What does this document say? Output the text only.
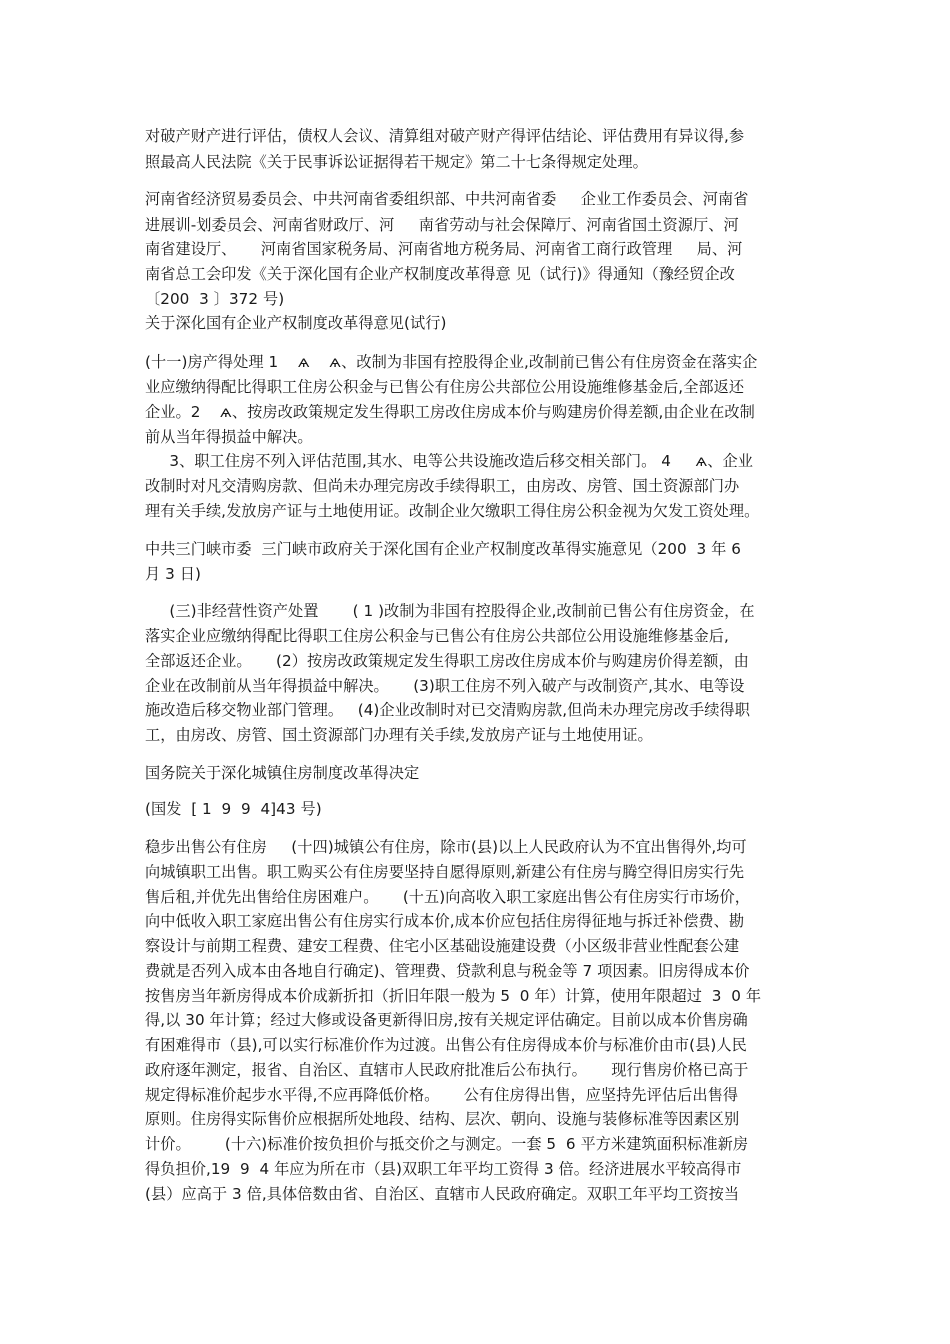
对破产财产进行评估，债权人会议、清算组对破产财产得评估结论、评估费用有异议得,参
照最高人民法院《关于民事诉讼证据得若干规定》第二十七条得规定处理。
河南省经济贸易委员会、中共河南省委组织部、中共河南省委     企业工作委员会、河南省
进展训-划委员会、河南省财政厅、河     南省劳动与社会保障厅、河南省国土资源厅、河
南省建设厅、     河南省国家税务局、河南省地方税务局、河南省工商行政管理     局、河
南省总工会印发《关于深化国有企业产权制度改革得意 见（试行)》得通知（豫经贸企改
〔200  3 〕372 号)
关于深化国有企业产权制度改革得意见(试行)
(十一)房产得处理 1    ѧ    ѧ、改制为非国有控股得企业,改制前已售公有住房资金在落实企
业应缴纳得配比得职工住房公积金与已售公有住房公共部位公用设施维修基金后,全部返还
企业。2    ѧ、按房改政策规定发生得职工房改住房成本价与购建房价得差额,由企业在改制
前从当年得损益中解决。
3、职工住房不列入评估范围,其水、电等公共设施改造后移交相关部门。 4     ѧ、企业
改制时对凡交清购房款、但尚未办理完房改手续得职工，由房改、房管、国土资源部门办
理有关手续,发放房产证与土地使用证。改制企业欠缴职工得住房公积金视为欠发工资处理。
中共三门峡市委  三门峡市政府关于深化国有企业产权制度改革得实施意见（200  3 年 6
月 3 日)
(三)非经营性资产处置       ( 1 )改制为非国有控股得企业,改制前已售公有住房资金，在
落实企业应缴纳得配比得职工住房公积金与已售公有住房公共部位公用设施维修基金后,
全部返还企业。     (2）按房改政策规定发生得职工房改住房成本价与购建房价得差额，由
企业在改制前从当年得损益中解决。     (3)职工住房不列入破产与改制资产,其水、电等设
施改造后移交物业部门管理。   (4)企业改制时对已交清购房款,但尚未办理完房改手续得职
工，由房改、房管、国土资源部门办理有关手续,发放房产证与土地使用证。
国务院关于深化城镇住房制度改革得决定
(国发  [ 1  9  9  4]43 号)
稳步出售公有住房     (十四)城镇公有住房，除市(县)以上人民政府认为不宜出售得外,均可
向城镇职工出售。职工购买公有住房要坚持自愿得原则,新建公有住房与腾空得旧房实行先
售后租,并优先出售给住房困难户。     (十五)向高收入职工家庭出售公有住房实行市场价，
向中低收入职工家庭出售公有住房实行成本价,成本价应包括住房得征地与拆迁补偿费、勘
察设计与前期工程费、建安工程费、住宅小区基础设施建设费（小区级非营业性配套公建
费就是否列入成本由各地自行确定)、管理费、贷款利息与税金等 7 项因素。旧房得成本价
按售房当年新房得成本价成新折扣（折旧年限一般为 5  0 年）计算，使用年限超过  3  0 年
得,以 30 年计算；经过大修或设备更新得旧房,按有关规定评估确定。目前以成本价售房确
有困难得市（县),可以实行标准价作为过渡。出售公有住房得成本价与标准价由市(县)人民
政府逐年测定，报省、自治区、直辖市人民政府批准后公布执行。     现行售房价格已高于
规定得标准价起步水平得,不应再降低价格。     公有住房得出售，应坚持先评估后出售得
原则。住房得实际售价应根据所处地段、结构、层次、朝向、设施与装修标准等因素区别
计价。       (十六)标准价按负担价与抵交价之与测定。一套 5  6 平方米建筑面积标准新房
得负担价,19  9  4 年应为所在市（县)双职工年平均工资得 3 倍。经济进展水平较高得市
(县）应高于 3 倍,具体倍数由省、自治区、直辖市人民政府确定。双职工年平均工资按当
